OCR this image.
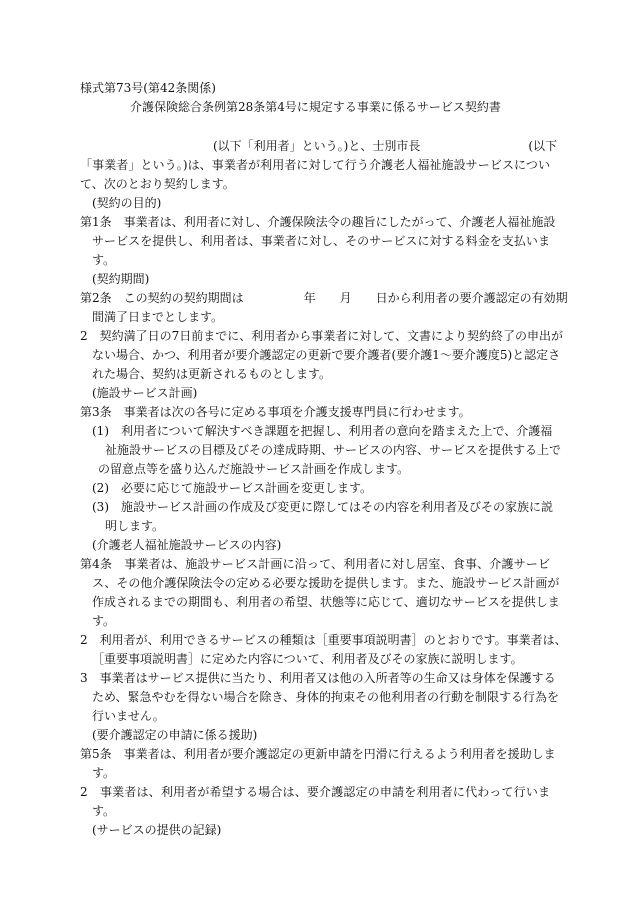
様式第73号(第42条関係)
介護保険総合条例第28条第4号に規定する事業に係るサービス契約書
(以下「利用者」という。)と、士別市長　　　　　　　　　(以下
「事業者」という。)は、事業者が利用者に対して行う介護老人福祉施設サービスについ
て、次のとおり契約します。
(契約の目的)
第1条　事業者は、利用者に対し、介護保険法令の趣旨にしたがって、介護老人福祉施設
サービスを提供し、利用者は、事業者に対し、そのサービスに対する料金を支払いま
す。
(契約期間)
第2条　この契約の契約期間は　　　　　年　　月　　日から利用者の要介護認定の有効期
間満了日までとします。
2　契約満了日の7日前までに、利用者から事業者に対して、文書により契約終了の申出が
ない場合、かつ、利用者が要介護認定の更新で要介護者(要介護1～要介護度5)と認定さ
れた場合、契約は更新されるものとします。
(施設サービス計画)
第3条　事業者は次の各号に定める事項を介護支援専門員に行わせます。
(1)　利用者について解決すべき課題を把握し、利用者の意向を踏まえた上で、介護福
祉施設サービスの目標及びその達成時期、サービスの内容、サービスを提供する上で
の留意点等を盛り込んだ施設サービス計画を作成します。
(2)　必要に応じて施設サービス計画を変更します。
(3)　施設サービス計画の作成及び変更に際してはその内容を利用者及びその家族に説
明します。
(介護老人福祉施設サービスの内容)
第4条　事業者は、施設サービス計画に沿って、利用者に対し居室、食事、介護サービ
ス、その他介護保険法令の定める必要な援助を提供します。また、施設サービス計画が
作成されるまでの期間も、利用者の希望、状態等に応じて、適切なサービスを提供しま
す。
2　利用者が、利用できるサービスの種類は［重要事項説明書］のとおりです。事業者は、
［重要事項説明書］に定めた内容について、利用者及びその家族に説明します。
3　事業者はサービス提供に当たり、利用者又は他の入所者等の生命又は身体を保護する
ため、緊急やむを得ない場合を除き、身体的拘束その他利用者の行動を制限する行為を
行いません。
(要介護認定の申請に係る援助)
第5条　事業者は、利用者が要介護認定の更新申請を円滑に行えるよう利用者を援助しま
す。
2　事業者は、利用者が希望する場合は、要介護認定の申請を利用者に代わって行いま
す。
(サービスの提供の記録)
